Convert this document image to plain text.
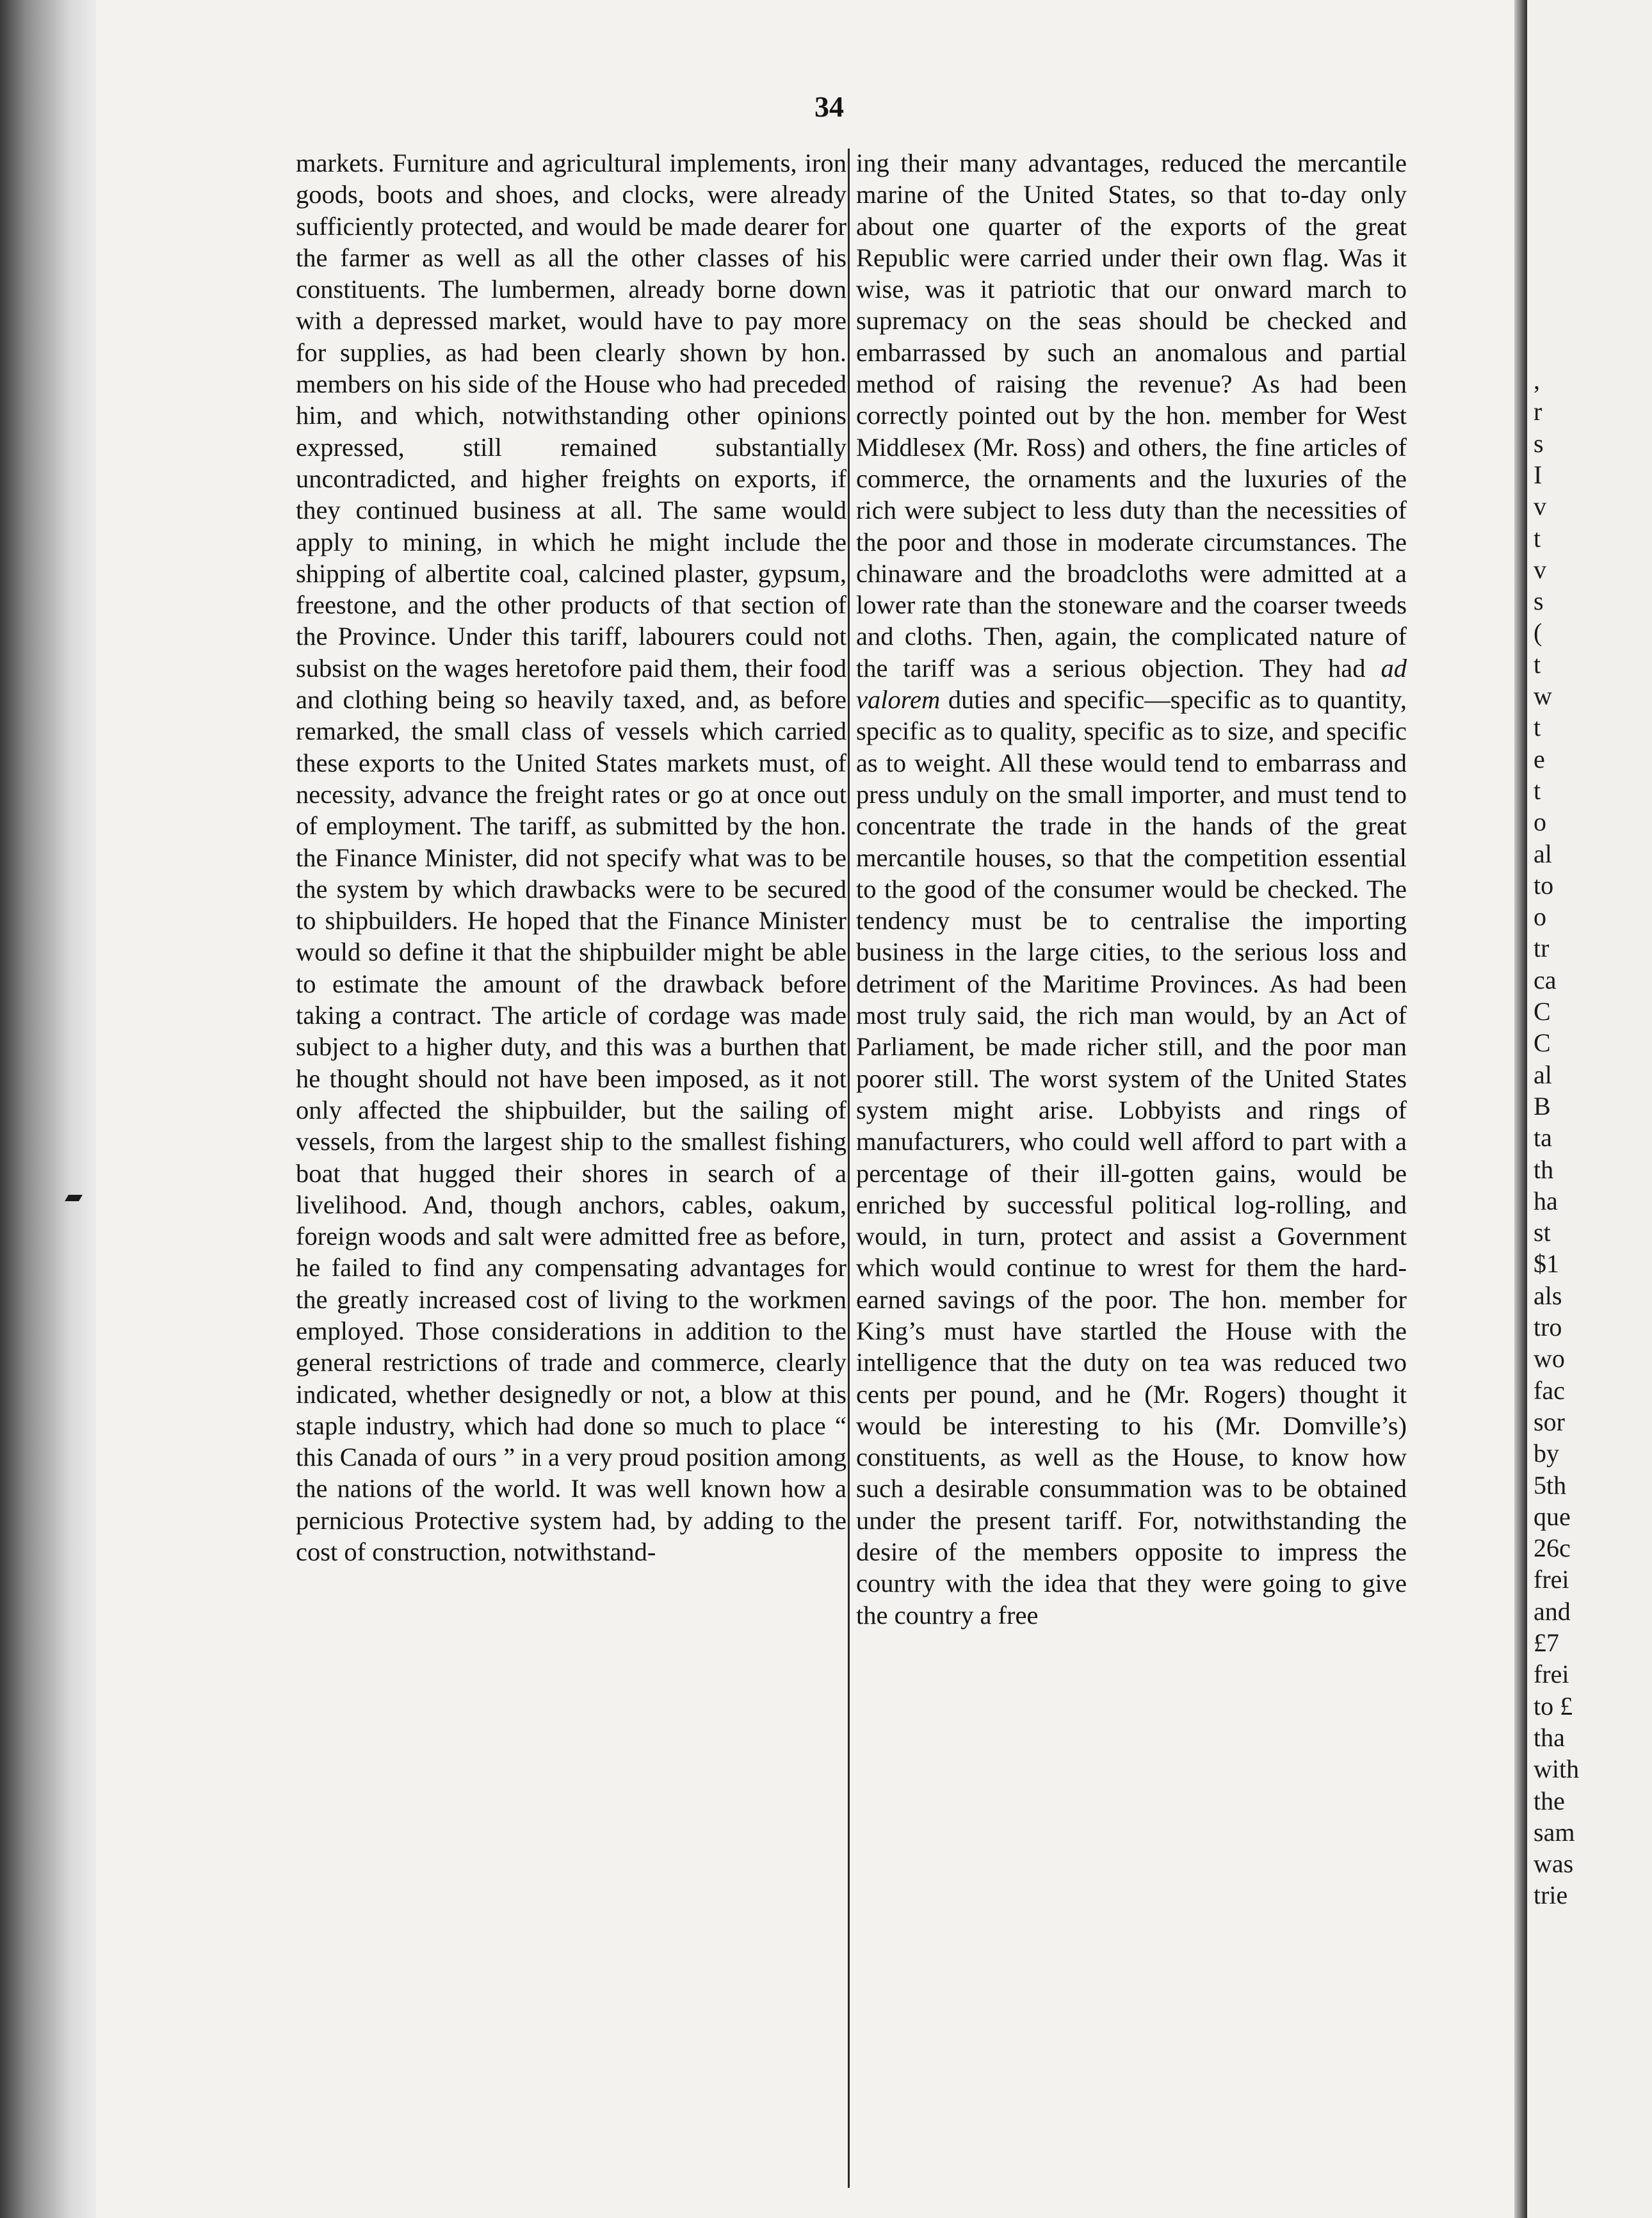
34

markets. Furniture and agricultural implements, iron goods, boots and shoes, and clocks, were already sufficiently protected, and would be made dearer for the farmer as well as all the other classes of his constituents. The lumbermen, already borne down with a depressed market, would have to pay more for supplies, as had been clearly shown by hon. members on his side of the House who had preceded him, and which, notwithstanding other opinions expressed, still remained substantially uncontradicted, and higher freights on exports, if they continued business at all. The same would apply to mining, in which he might include the shipping of albertite coal, calcined plaster, gypsum, freestone, and the other products of that section of the Province. Under this tariff, labourers could not subsist on the wages heretofore paid them, their food and clothing being so heavily taxed, and, as before remarked, the small class of vessels which carried these exports to the United States markets must, of necessity, advance the freight rates or go at once out of employment. The tariff, as submitted by the hon. the Finance Minister, did not specify what was to be the system by which drawbacks were to be secured to shipbuilders. He hoped that the Finance Minister would so define it that the shipbuilder might be able to estimate the amount of the drawback before taking a contract. The article of cordage was made subject to a higher duty, and this was a burthen that he thought should not have been imposed, as it not only affected the shipbuilder, but the sailing of vessels, from the largest ship to the smallest fishing boat that hugged their shores in search of a livelihood. And, though anchors, cables, oakum, foreign woods and salt were admitted free as before, he failed to find any compensating advantages for the greatly increased cost of living to the workmen employed. Those considerations in addition to the general restrictions of trade and commerce, clearly indicated, whether designedly or not, a blow at this staple industry, which had done so much to place “ this Canada of ours ” in a very proud position among the nations of the world. It was well known how a pernicious Protective system had, by adding to the cost of construction, notwithstand-

ing their many advantages, reduced the mercantile marine of the United States, so that to-day only about one quarter of the exports of the great Republic were carried under their own flag. Was it wise, was it patriotic that our onward march to supremacy on the seas should be checked and embarrassed by such an anomalous and partial method of raising the revenue? As had been correctly pointed out by the hon. member for West Middlesex (Mr. Ross) and others, the fine articles of commerce, the ornaments and the luxuries of the rich were subject to less duty than the necessities of the poor and those in moderate circumstances. The chinaware and the broadcloths were admitted at a lower rate than the stoneware and the coarser tweeds and cloths. Then, again, the complicated nature of the tariff was a serious objection. They had ad valorem duties and specific—specific as to quantity, specific as to quality, specific as to size, and specific as to weight. All these would tend to embarrass and press unduly on the small importer, and must tend to concentrate the trade in the hands of the great mercantile houses, so that the competition essential to the good of the consumer would be checked. The tendency must be to centralise the importing business in the large cities, to the serious loss and detriment of the Maritime Provinces. As had been most truly said, the rich man would, by an Act of Parliament, be made richer still, and the poor man poorer still. The worst system of the United States system might arise. Lobbyists and rings of manufacturers, who could well afford to part with a percentage of their ill-gotten gains, would be enriched by successful political log-rolling, and would, in turn, protect and assist a Government which would continue to wrest for them the hard-earned savings of the poor. The hon. member for King’s must have startled the House with the intelligence that the duty on tea was reduced two cents per pound, and he (Mr. Rogers) thought it would be interesting to his (Mr. Domville’s) constituents, as well as the House, to know how such a desirable consummation was to be obtained under the present tariff. For, notwithstanding the desire of the members opposite to impress the country with the idea that they were going to give the country a free

,
r
s
I
v
t
v
s
(
t
w
t
e
t
o
al
to
o
tr
ca
C
C
al
B
ta
th
ha
st
$1
als
tro
wo
fac
sor
by
5th
que
26c
frei
and
£7
frei
to £
tha
with
the
sam
was
trie
